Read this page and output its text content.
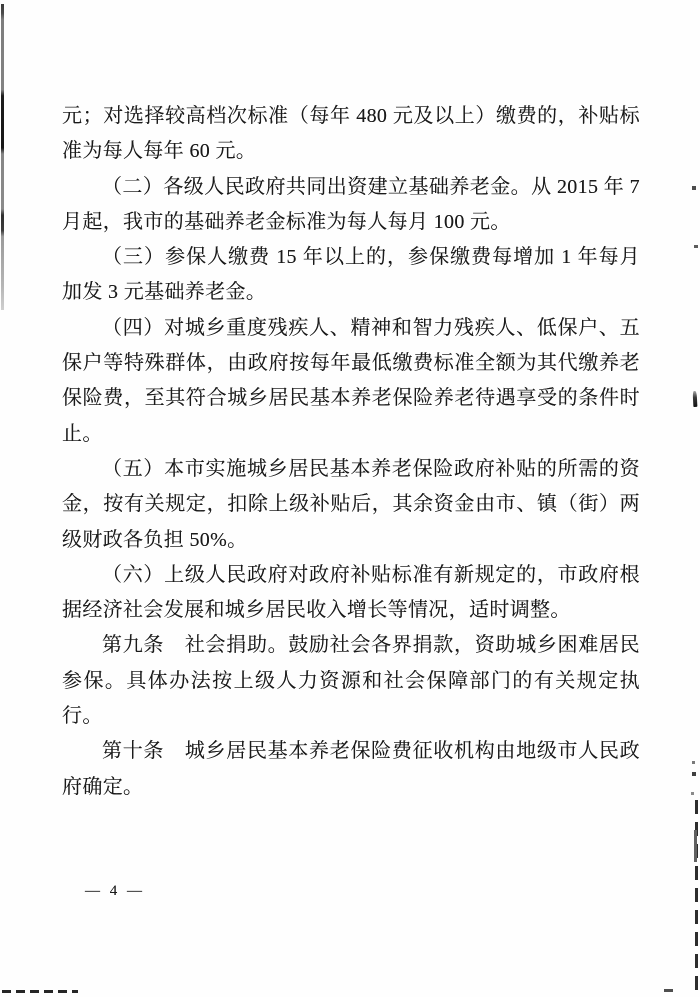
元；对选择较高档次标准（每年 480 元及以上）缴费的，补贴标准为每人每年 60 元。

（二）各级人民政府共同出资建立基础养老金。从 2015 年 7 月起，我市的基础养老金标准为每人每月 100 元。

（三）参保人缴费 15 年以上的，参保缴费每增加 1 年每月加发 3 元基础养老金。

（四）对城乡重度残疾人、精神和智力残疾人、低保户、五保户等特殊群体，由政府按每年最低缴费标准全额为其代缴养老保险费，至其符合城乡居民基本养老保险养老待遇享受的条件时止。

（五）本市实施城乡居民基本养老保险政府补贴的所需的资金，按有关规定，扣除上级补贴后，其余资金由市、镇（街）两级财政各负担 50%。

（六）上级人民政府对政府补贴标准有新规定的，市政府根据经济社会发展和城乡居民收入增长等情况，适时调整。

第九条　社会捐助。鼓励社会各界捐款，资助城乡困难居民参保。具体办法按上级人力资源和社会保障部门的有关规定执行。

第十条　城乡居民基本养老保险费征收机构由地级市人民政府确定。

— 4 —
